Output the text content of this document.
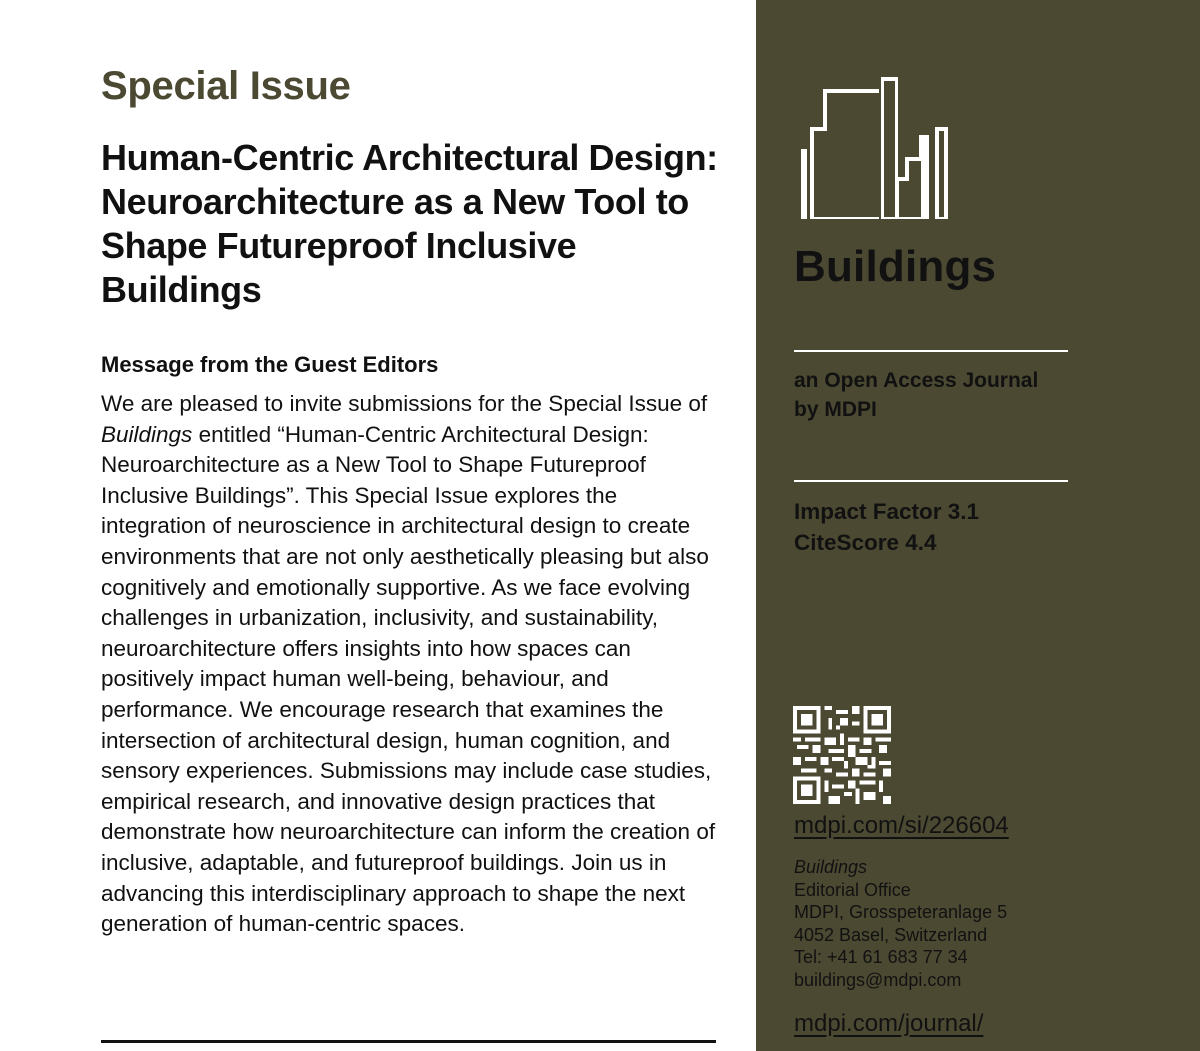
Special Issue
Human-Centric Architectural Design: Neuroarchitecture as a New Tool to Shape Futureproof Inclusive Buildings
Message from the Guest Editors

We are pleased to invite submissions for the Special Issue of Buildings entitled “Human-Centric Architectural Design: Neuroarchitecture as a New Tool to Shape Futureproof Inclusive Buildings”. This Special Issue explores the integration of neuroscience in architectural design to create environments that are not only aesthetically pleasing but also cognitively and emotionally supportive. As we face evolving challenges in urbanization, inclusivity, and sustainability, neuroarchitecture offers insights into how spaces can positively impact human well-being, behaviour, and performance. We encourage research that examines the intersection of architectural design, human cognition, and sensory experiences. Submissions may include case studies, empirical research, and innovative design practices that demonstrate how neuroarchitecture can inform the creation of inclusive, adaptable, and futureproof buildings. Join us in advancing this interdisciplinary approach to shape the next generation of human-centric spaces.

Buildings
an Open Access Journal
by MDPI
Impact Factor 3.1
CiteScore 4.4
mdpi.com/si/226604
Buildings
Editorial Office
MDPI, Grosspeteranlage 5
4052 Basel, Switzerland
Tel: +41 61 683 77 34
buildings@mdpi.com
mdpi.com/journal/
